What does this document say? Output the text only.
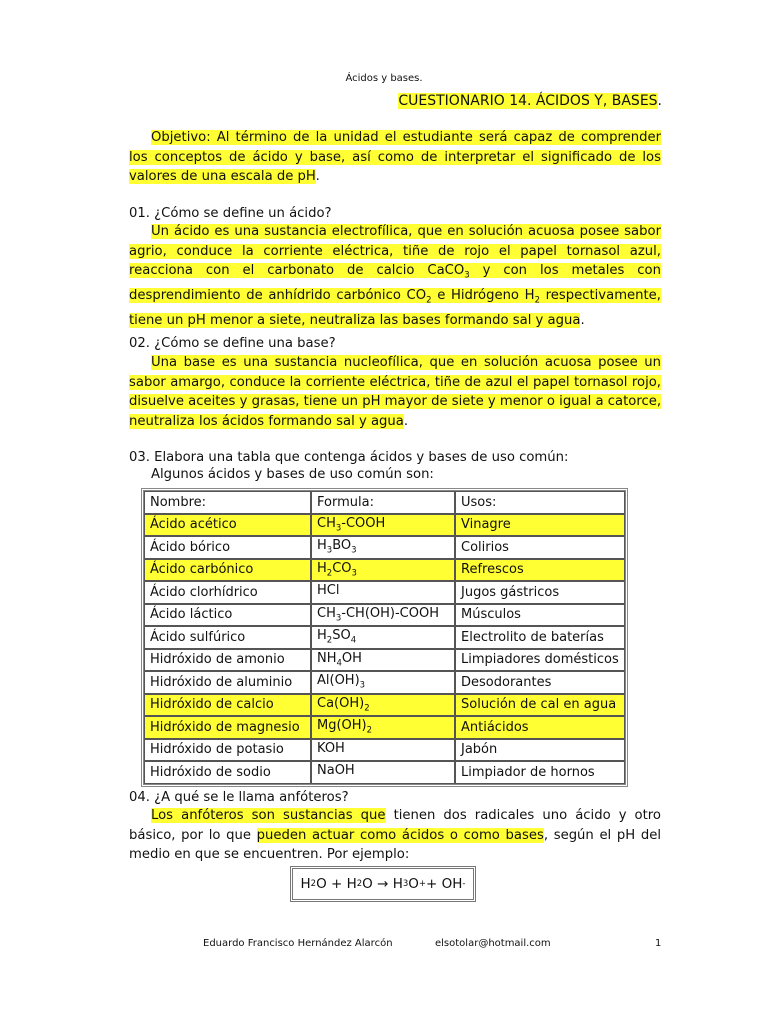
Ácidos y bases.
CUESTIONARIO 14. ÁCIDOS Y, BASES.
Objetivo: Al término de la unidad el estudiante será capaz de comprender los conceptos de ácido y base, así como de interpretar el significado de los valores de una escala de pH.
01. ¿Cómo se define un ácido?
Un ácido es una sustancia electrofílica, que en solución acuosa posee sabor agrio, conduce la corriente eléctrica, tiñe de rojo el papel tornasol azul, reacciona con el carbonato de calcio CaCO$_3$ y con los metales con desprendimiento de anhídrido carbónico $CO_2$ e Hidrógeno $H_2$ respectivamente, tiene un pH menor a siete, neutraliza las bases formando sal y agua.
02. ¿Cómo se define una base?
Una base es una sustancia nucleofílica, que en solución acuosa posee un sabor amargo, conduce la corriente eléctrica, tiñe de azul el papel tornasol rojo, disuelve aceites y grasas, tiene un pH mayor de siete y menor o igual a catorce, neutraliza los ácidos formando sal y agua.
03. Elabora una tabla que contenga ácidos y bases de uso común:
Algunos ácidos y bases de uso común son:
Nombre:	Formula:	Usos:
Ácido acético	$CH_3$-COOH	Vinagre
Ácido bórico	$H_3BO_3$	Colirios
Ácido carbónico	$H_2CO_3$	Refrescos
Ácido clorhídrico	HCl	Jugos gástricos
Ácido láctico	$CH_3-CH(OH)$-COOH	Músculos
Ácido sulfúrico	$H_2SO_4$	Electrolito de baterías
Hidróxido de amonio	$NH_4OH$	Limpiadores domésticos
Hidróxido de aluminio	$Al(OH)_3$	Desodorantes
Hidróxido de calcio	$Ca(OH)_2$	Solución de cal en agua
Hidróxido de magnesio	$Mg(OH)_2$	Antiácidos
Hidróxido de potasio	KOH	Jabón
Hidróxido de sodio	NaOH	Limpiador de hornos
04. ¿A qué se le llama anfóteros?
Los anfóteros son sustancias que tienen dos radicales uno ácido y otro básico, por lo que pueden actuar como ácidos o como bases, según el pH del medio en que se encuentren. Por ejemplo:
H 2 O + H 2 O → H 3 O + + OH -
Eduardo Francisco Hernández Alarcón	elsotolar@hotmail.com	1
